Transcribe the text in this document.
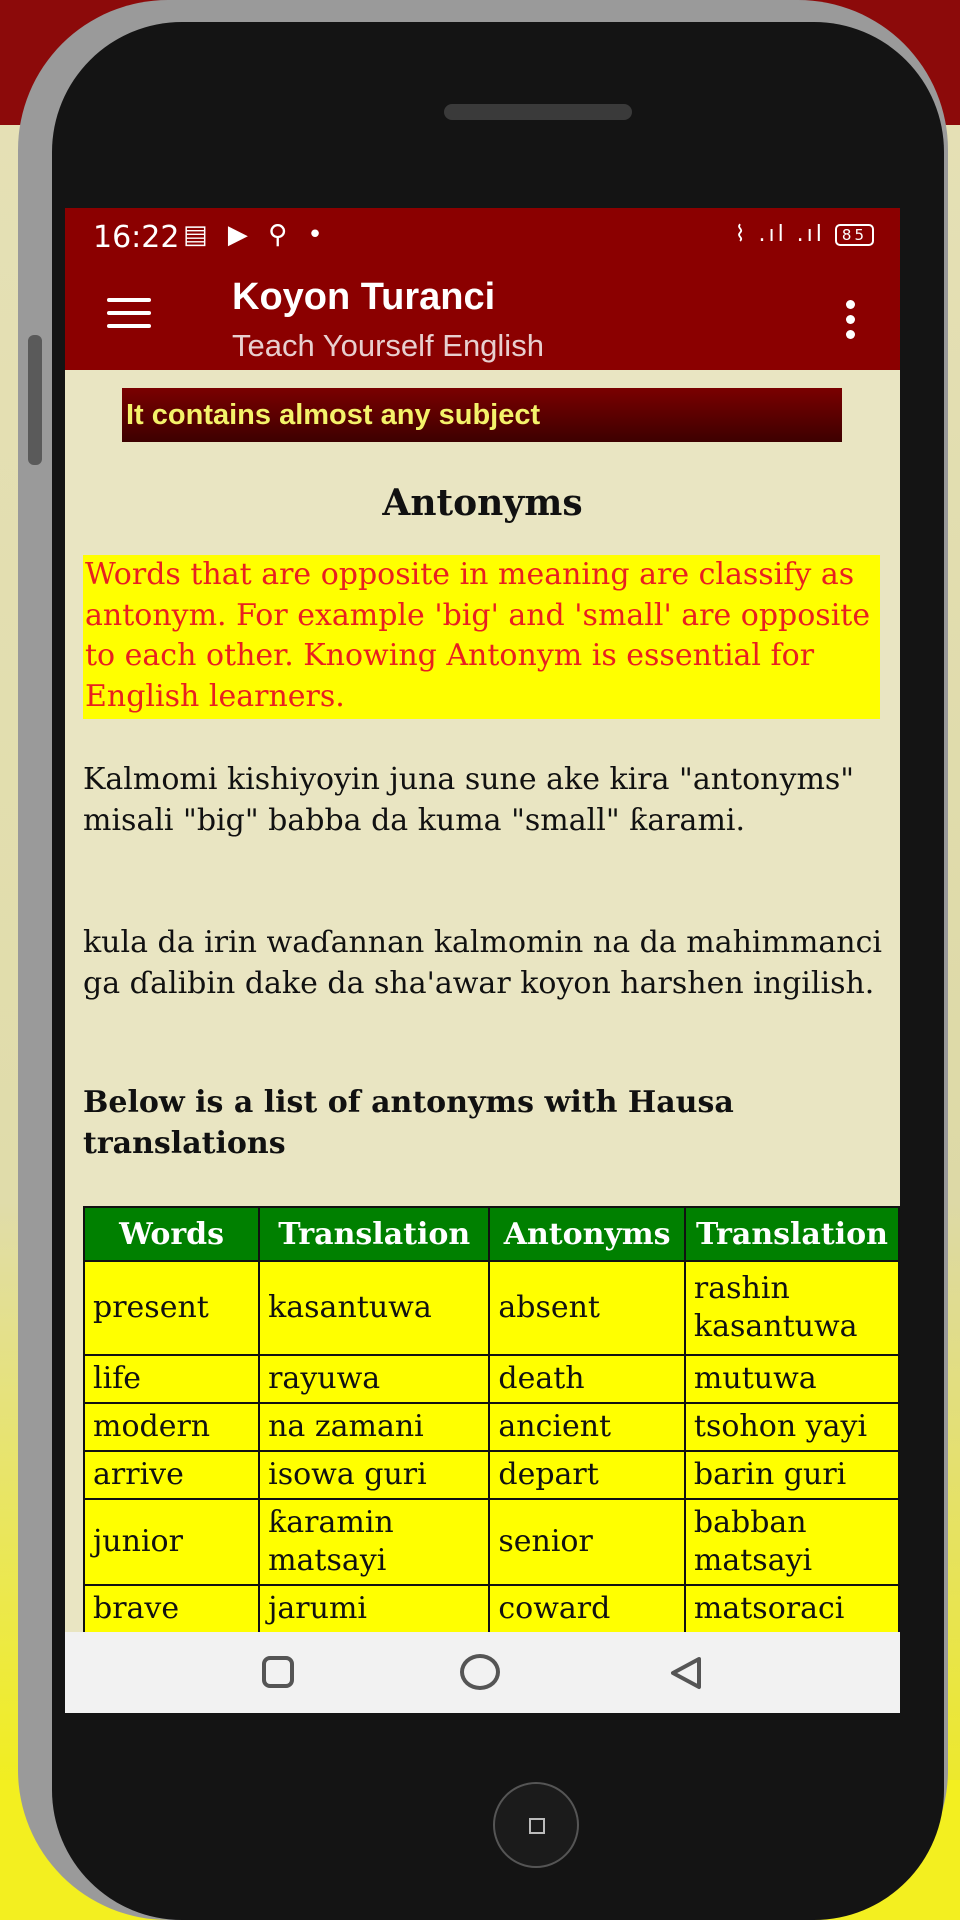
16:22 ▤ ▶ ⚲ •	⌇ .ıl .ıl 85
Koyon Turanci
Teach Yourself English
It contains almost any subject
Antonyms
Words that are opposite in meaning are classify as antonym. For example 'big' and 'small' are opposite to each other. Knowing Antonym is essential for English learners.
Kalmomi kishiyoyin juna sune ake kira "antonyms" misali "big" babba da kuma "small" ƙarami.
kula da irin waɗannan kalmomin na da mahimmanci ga ɗalibin dake da sha'awar koyon harshen ingilish.
Below is a list of antonyms with Hausa translations
Words	Translation	Antonyms	Translation
present	kasantuwa	absent	rashin kasantuwa
life	rayuwa	death	mutuwa
modern	na zamani	ancient	tsohon yayi
arrive	isowa guri	depart	barin guri
junior	ƙaramin matsayi	senior	babban matsayi
brave	jarumi	coward	matsoraci
